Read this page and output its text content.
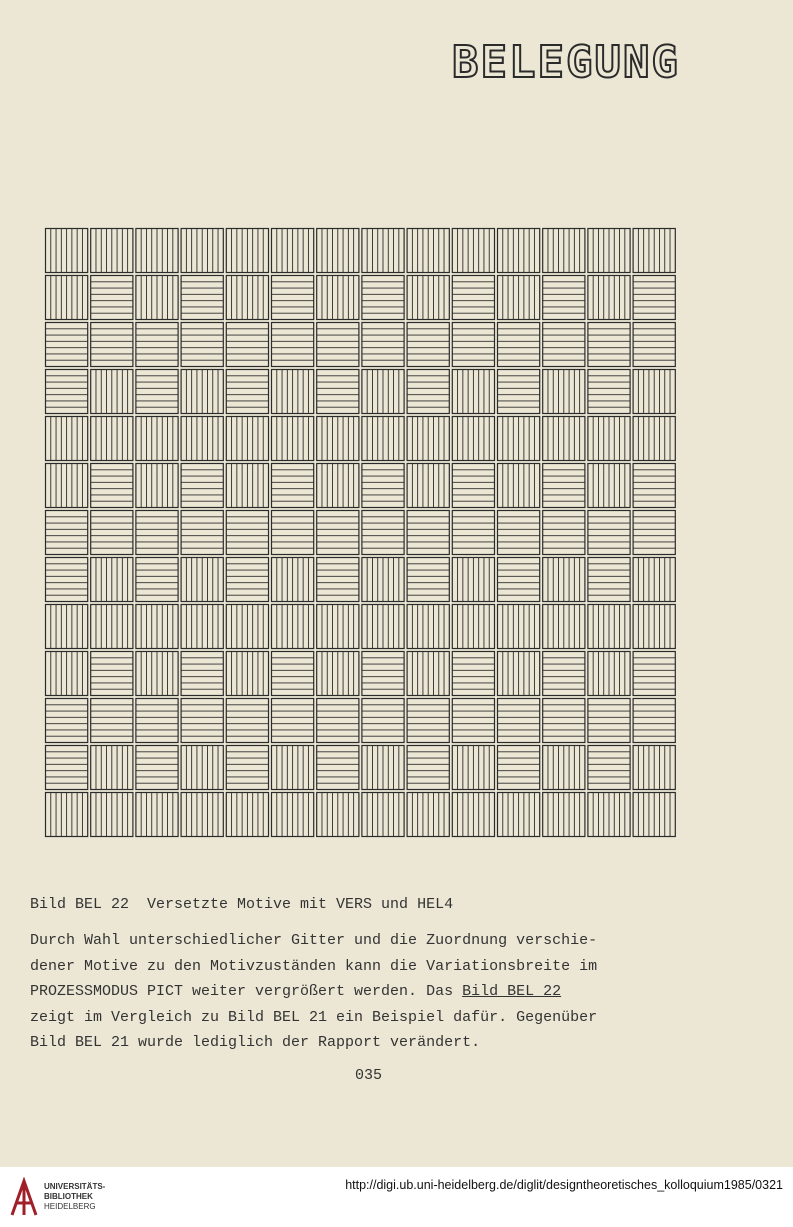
BELEGUNG
Bild BEL 22  Versetzte Motive mit VERS und HEL4
Durch Wahl unterschiedlicher Gitter und die Zuordnung verschie-
dener Motive zu den Motivzuständen kann die Variationsbreite im
PROZESSMODUS PICT weiter vergrößert werden. Das Bild BEL 22
zeigt im Vergleich zu Bild BEL 21 ein Beispiel dafür. Gegenüber
Bild BEL 21 wurde lediglich der Rapport verändert.
035
UNIVERSITÄTS-
BIBLIOTHEK
HEIDELBERG
http://digi.ub.uni-heidelberg.de/diglit/designtheoretisches_kolloquium1985/0321
